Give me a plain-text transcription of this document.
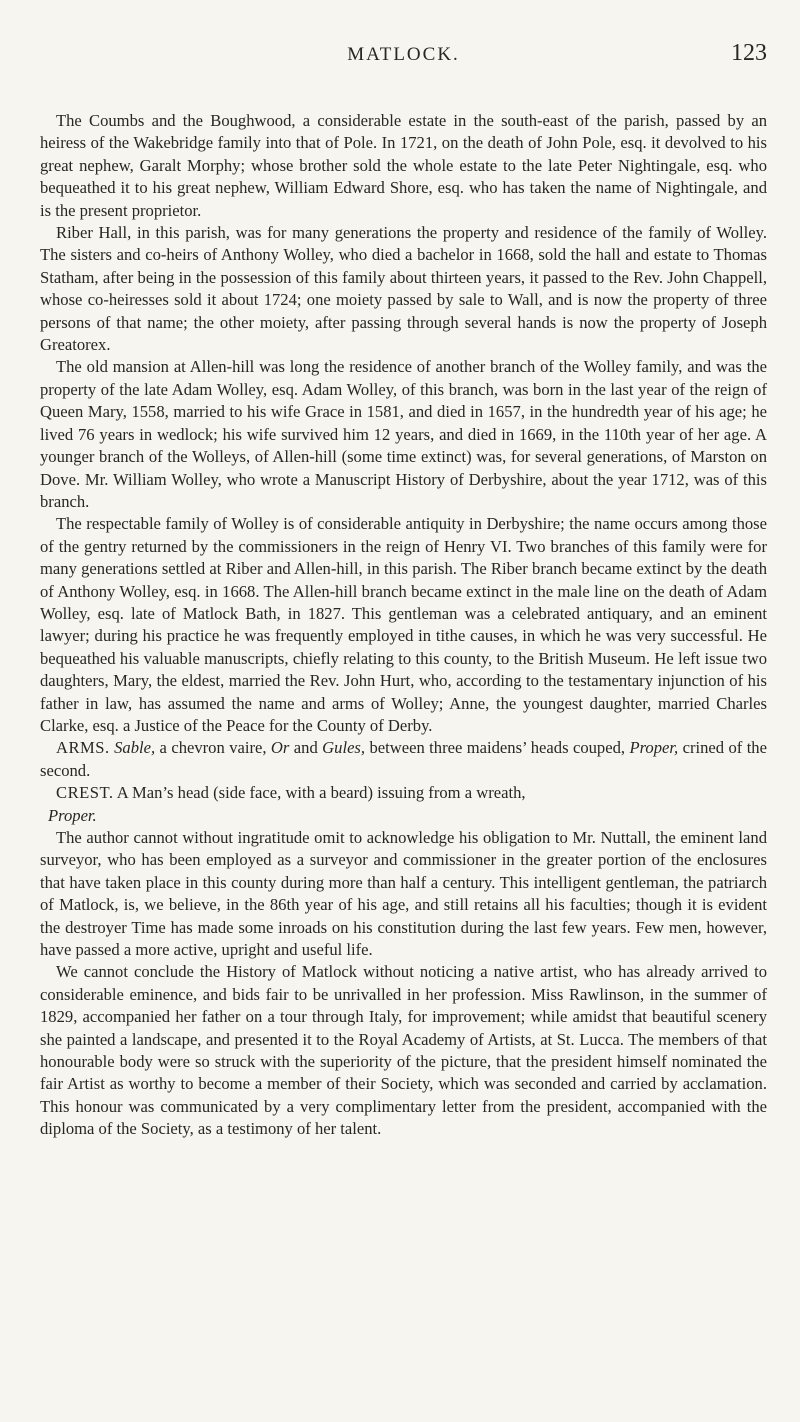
MATLOCK.	123

The Coumbs and the Boughwood, a considerable estate in the south-east of the parish, passed by an heiress of the Wakebridge family into that of Pole. In 1721, on the death of John Pole, esq. it devolved to his great nephew, Garalt Morphy; whose brother sold the whole estate to the late Peter Nightingale, esq. who bequeathed it to his great nephew, William Edward Shore, esq. who has taken the name of Nightingale, and is the present proprietor.

Riber Hall, in this parish, was for many generations the property and residence of the family of Wolley. The sisters and co-heirs of Anthony Wolley, who died a bachelor in 1668, sold the hall and estate to Thomas Statham, after being in the possession of this family about thirteen years, it passed to the Rev. John Chappell, whose co-heiresses sold it about 1724; one moiety passed by sale to Wall, and is now the property of three persons of that name; the other moiety, after passing through several hands is now the property of Joseph Greatorex.

The old mansion at Allen-hill was long the residence of another branch of the Wolley family, and was the property of the late Adam Wolley, esq. Adam Wolley, of this branch, was born in the last year of the reign of Queen Mary, 1558, married to his wife Grace in 1581, and died in 1657, in the hundredth year of his age; he lived 76 years in wedlock; his wife survived him 12 years, and died in 1669, in the 110th year of her age. A younger branch of the Wolleys, of Allen-hill (some time extinct) was, for several generations, of Marston on Dove. Mr. William Wolley, who wrote a Manuscript History of Derbyshire, about the year 1712, was of this branch.

The respectable family of Wolley is of considerable antiquity in Derbyshire; the name occurs among those of the gentry returned by the commissioners in the reign of Henry VI. Two branches of this family were for many generations settled at Riber and Allen-hill, in this parish. The Riber branch became extinct by the death of Anthony Wolley, esq. in 1668. The Allen-hill branch became extinct in the male line on the death of Adam Wolley, esq. late of Matlock Bath, in 1827. This gentleman was a celebrated antiquary, and an eminent lawyer; during his practice he was frequently employed in tithe causes, in which he was very successful. He bequeathed his valuable manuscripts, chiefly relating to this county, to the British Museum. He left issue two daughters, Mary, the eldest, married the Rev. John Hurt, who, according to the testamentary injunction of his father in law, has assumed the name and arms of Wolley; Anne, the youngest daughter, married Charles Clarke, esq. a Justice of the Peace for the County of Derby.

ARMS. Sable, a chevron vaire, Or and Gules, between three maidens’ heads couped, Proper, crined of the second.

CREST. A Man’s head (side face, with a beard) issuing from a wreath,
Proper.

The author cannot without ingratitude omit to acknowledge his obligation to Mr. Nuttall, the eminent land surveyor, who has been employed as a surveyor and commissioner in the greater portion of the enclosures that have taken place in this county during more than half a century. This intelligent gentleman, the patriarch of Matlock, is, we believe, in the 86th year of his age, and still retains all his faculties; though it is evident the destroyer Time has made some inroads on his constitution during the last few years. Few men, however, have passed a more active, upright and useful life.

We cannot conclude the History of Matlock without noticing a native artist, who has already arrived to considerable eminence, and bids fair to be unrivalled in her profession. Miss Rawlinson, in the summer of 1829, accompanied her father on a tour through Italy, for improvement; while amidst that beautiful scenery she painted a landscape, and presented it to the Royal Academy of Artists, at St. Lucca. The members of that honourable body were so struck with the superiority of the picture, that the president himself nominated the fair Artist as worthy to become a member of their Society, which was seconded and carried by acclamation. This honour was communicated by a very complimentary letter from the president, accompanied with the diploma of the Society, as a testimony of her talent.
